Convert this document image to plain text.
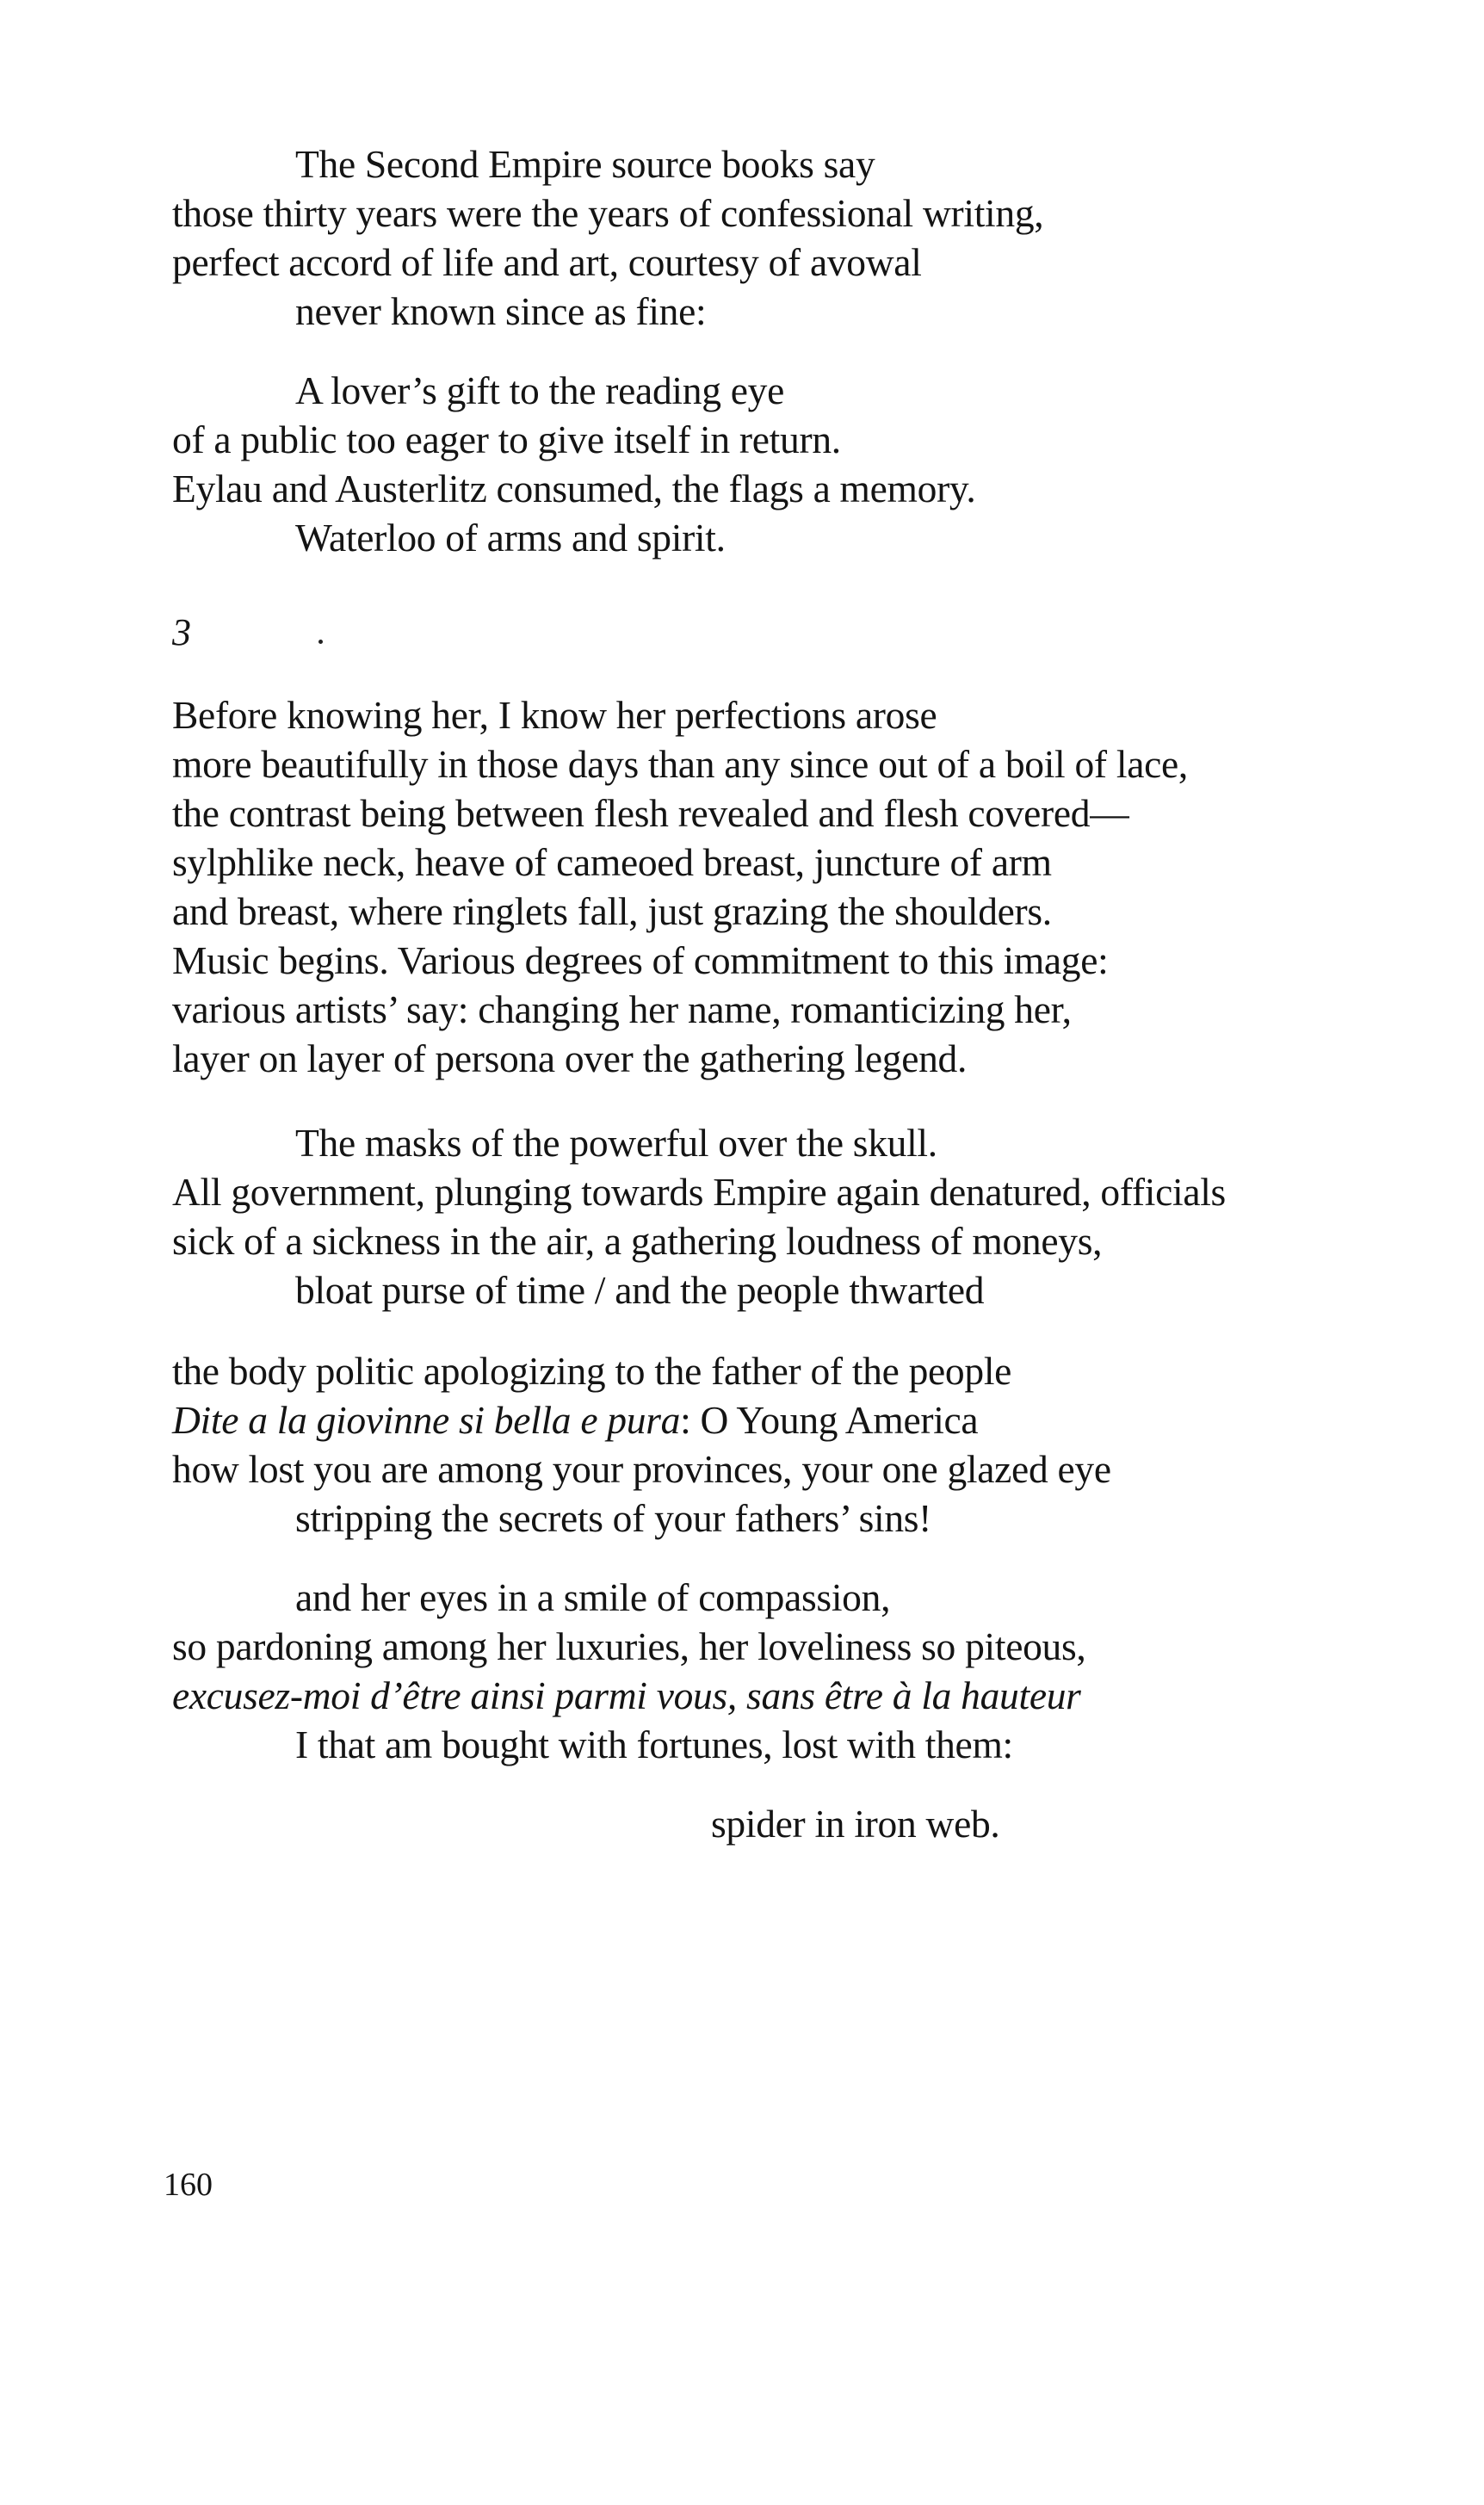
The Second Empire source books say
those thirty years were the years of confessional writing,
perfect accord of life and art, courtesy of avowal
never known since as fine:
A lover’s gift to the reading eye
of a public too eager to give itself in return.
Eylau and Austerlitz consumed, the flags a memory.
Waterloo of arms and spirit.
3
Before knowing her, I know her perfections arose
more beautifully in those days than any since out of a boil of lace,
the contrast being between flesh revealed and flesh covered—
sylphlike neck, heave of cameoed breast, juncture of arm
and breast, where ringlets fall, just grazing the shoulders.
Music begins. Various degrees of commitment to this image:
various artists’ say: changing her name, romanticizing her,
layer on layer of persona over the gathering legend.
The masks of the powerful over the skull.
All government, plunging towards Empire again denatured, officials
sick of a sickness in the air, a gathering loudness of moneys,
bloat purse of time / and the people thwarted
the body politic apologizing to the father of the people
Dite a la giovinne si bella e pura: O Young America
how lost you are among your provinces, your one glazed eye
stripping the secrets of your fathers’ sins!
and her eyes in a smile of compassion,
so pardoning among her luxuries, her loveliness so piteous,
excusez-moi d’être ainsi parmi vous, sans être à la hauteur
I that am bought with fortunes, lost with them:
spider in iron web.
160
